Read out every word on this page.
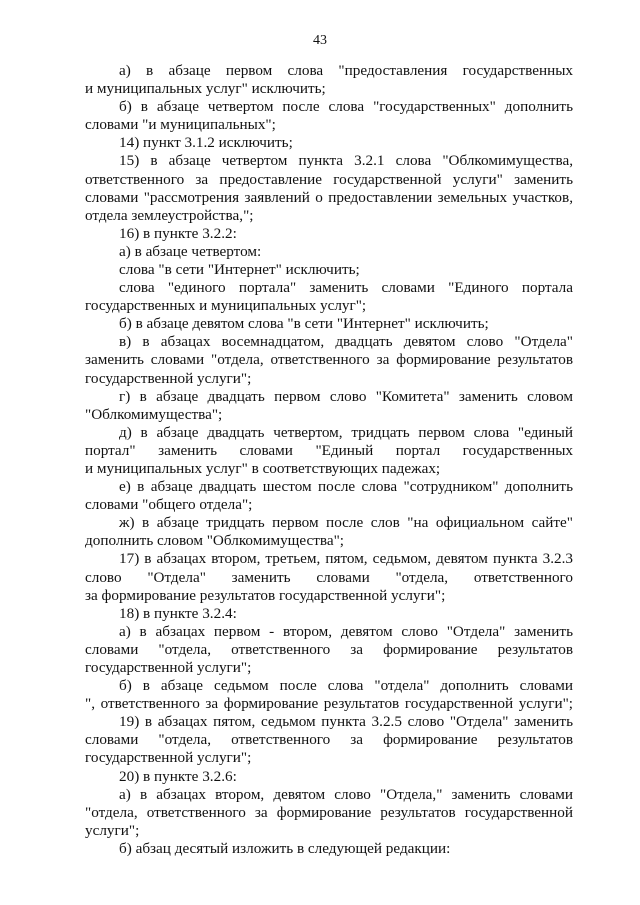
43
а) в абзаце первом слова "предоставления государственных
и муниципальных услуг" исключить;
б) в абзаце четвертом после слова "государственных" дополнить
словами "и муниципальных";
14) пункт 3.1.2 исключить;
15) в абзаце четвертом пункта 3.2.1 слова "Облкомимущества,
ответственного за предоставление государственной услуги" заменить
словами "рассмотрения заявлений о предоставлении земельных участков,
отдела землеустройства,";
16) в пункте 3.2.2:
а) в абзаце четвертом:
слова "в сети "Интернет" исключить;
слова "единого портала" заменить словами "Единого портала
государственных и муниципальных услуг";
б) в абзаце девятом слова "в сети "Интернет" исключить;
в) в абзацах восемнадцатом, двадцать девятом слово "Отдела"
заменить словами "отдела, ответственного за формирование результатов
государственной услуги";
г) в абзаце двадцать первом слово "Комитета" заменить словом
"Облкомимущества";
д) в абзаце двадцать четвертом, тридцать первом слова "единый
портал" заменить словами "Единый портал государственных
и муниципальных услуг" в соответствующих падежах;
е) в абзаце двадцать шестом после слова "сотрудником" дополнить
словами "общего отдела";
ж) в абзаце тридцать первом после слов "на официальном сайте"
дополнить словом "Облкомимущества";
17) в абзацах втором, третьем, пятом, седьмом, девятом пункта 3.2.3
слово "Отдела" заменить словами "отдела, ответственного
за формирование результатов государственной услуги";
18) в пункте 3.2.4:
а) в абзацах первом - втором, девятом слово "Отдела" заменить
словами "отдела, ответственного за формирование результатов
государственной услуги";
б) в абзаце седьмом после слова "отдела" дополнить словами
", ответственного за формирование результатов государственной услуги";
19) в абзацах пятом, седьмом пункта 3.2.5 слово "Отдела" заменить
словами "отдела, ответственного за формирование результатов
государственной услуги";
20) в пункте 3.2.6:
а) в абзацах втором, девятом слово "Отдела," заменить словами
"отдела, ответственного за формирование результатов государственной
услуги";
б) абзац десятый изложить в следующей редакции:
